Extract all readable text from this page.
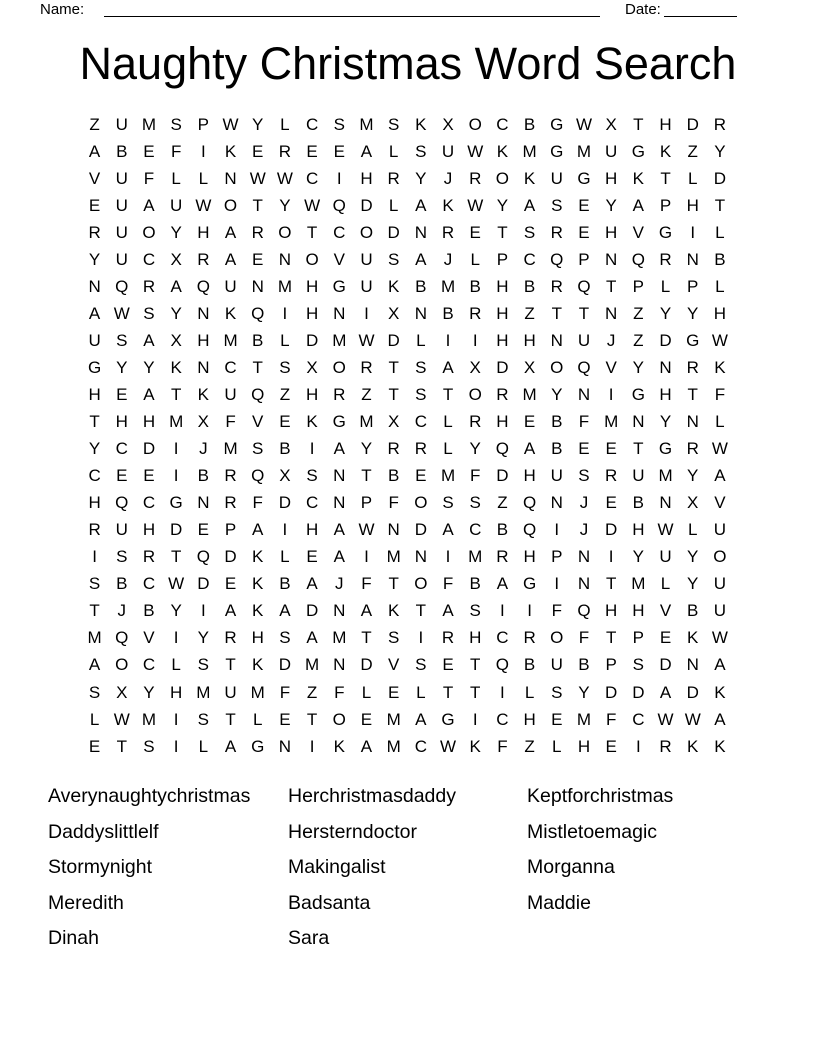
Name:	Date:
Naughty Christmas Word Search
Z U M S P W Y L C S M S K X O C B G W X T H D R
A B E F	I	K E R E E A L S U W K M G M U G K Z Y
V U F	L	L N W W C	I	H R Y	J R O K U G H K T	L D
E U A U W O T Y W Q D L A K W Y A S E Y A P H T
R U O Y H A R O T C O D N R E T S R E H V G	I	L
Y U C X R A E N O V U S A	J	L P C Q P N Q R N B
N Q R A Q U N M H G U K B M B H B R Q T P L P L
A W S Y N K Q	I	H N	I	X N B R H Z T T N Z Y Y H
U S A X H M B L D M W D L	I	I	H H N U J	Z D G W
G Y Y K N C T S X O R T S A X D X O Q V Y N R K
H E A T K U Q Z H R Z T S T O R M Y N	I	G H T F
T H H M X F V E K G M X C L R H E B F M N Y N L
Y C D	I	J M S B	I	A Y R R L Y Q A B E E T G R W
C E E	I	B R Q X S N T B E M F D H U S R U M Y A
H Q C G N R F D C N P F O S S Z Q N J	E B N X V
R U H D E P A	I	H A W N D A C B Q	I	J D H W L U
I	S R T Q D K L E A	I	M N	I	M R H P N	I	Y U Y O
S B C W D E K B A	J	F T O F B A G	I	N T M L Y U
T	J	B Y	I	A K A D N A K T A S	I	I	F Q H H V B U
M Q V	I	Y R H S A M T S	I	R H C R O F T P E K W
A O C L S T K D M N D V S E T Q B U B P S D N A
S X Y H M U M F Z F	L E L	T T	I	L S Y D D A D K
L W M	I	S T	L E T O E M A G	I	C H E M F C W W A
E T S	I	L A G N	I	K A M C W K F Z	L H E	I	R K K
Averynaughtychristmas
Daddyslittlelf
Stormynight
Meredith
Dinah
Herchristmasdaddy
Hersterndoctor
Makingalist
Badsanta
Sara
Keptforchristmas
Mistletoemagic
Morganna
Maddie
